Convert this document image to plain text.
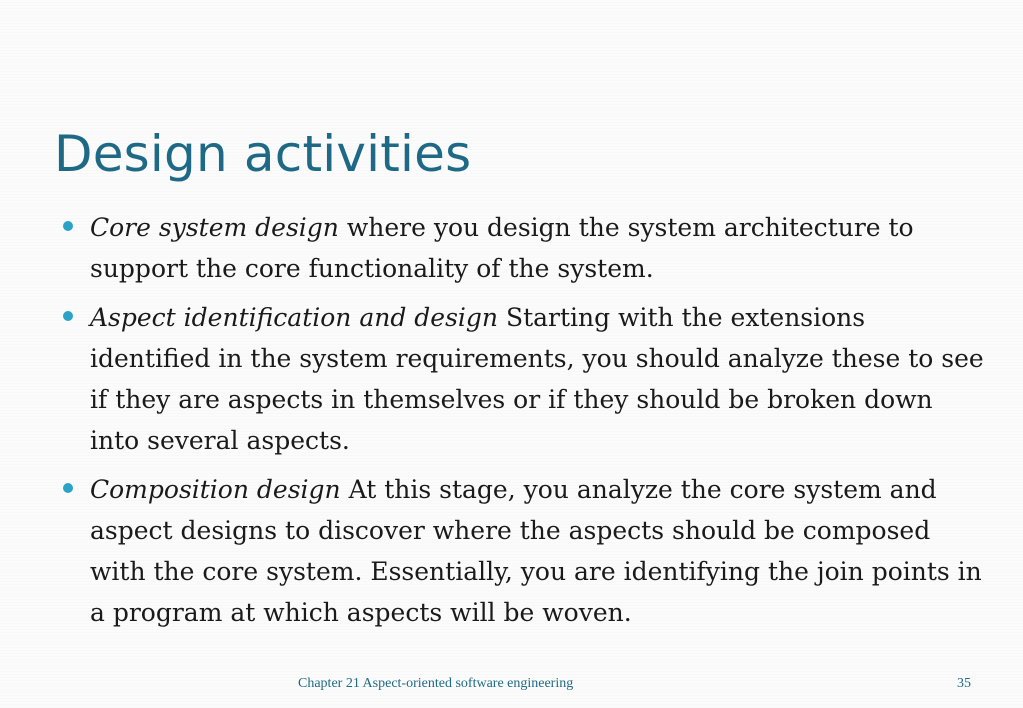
Design activities
Core system design where you design the system architecture to support the core functionality of the system.
Aspect identification and design Starting with the extensions identified in the system requirements, you should analyze these to see if they are aspects in themselves or if they should be broken down into several aspects.
Composition design At this stage, you analyze the core system and aspect designs to discover where the aspects should be composed with the core system. Essentially, you are identifying the join points in a program at which aspects will be woven.
Chapter 21 Aspect-oriented software engineering	35
